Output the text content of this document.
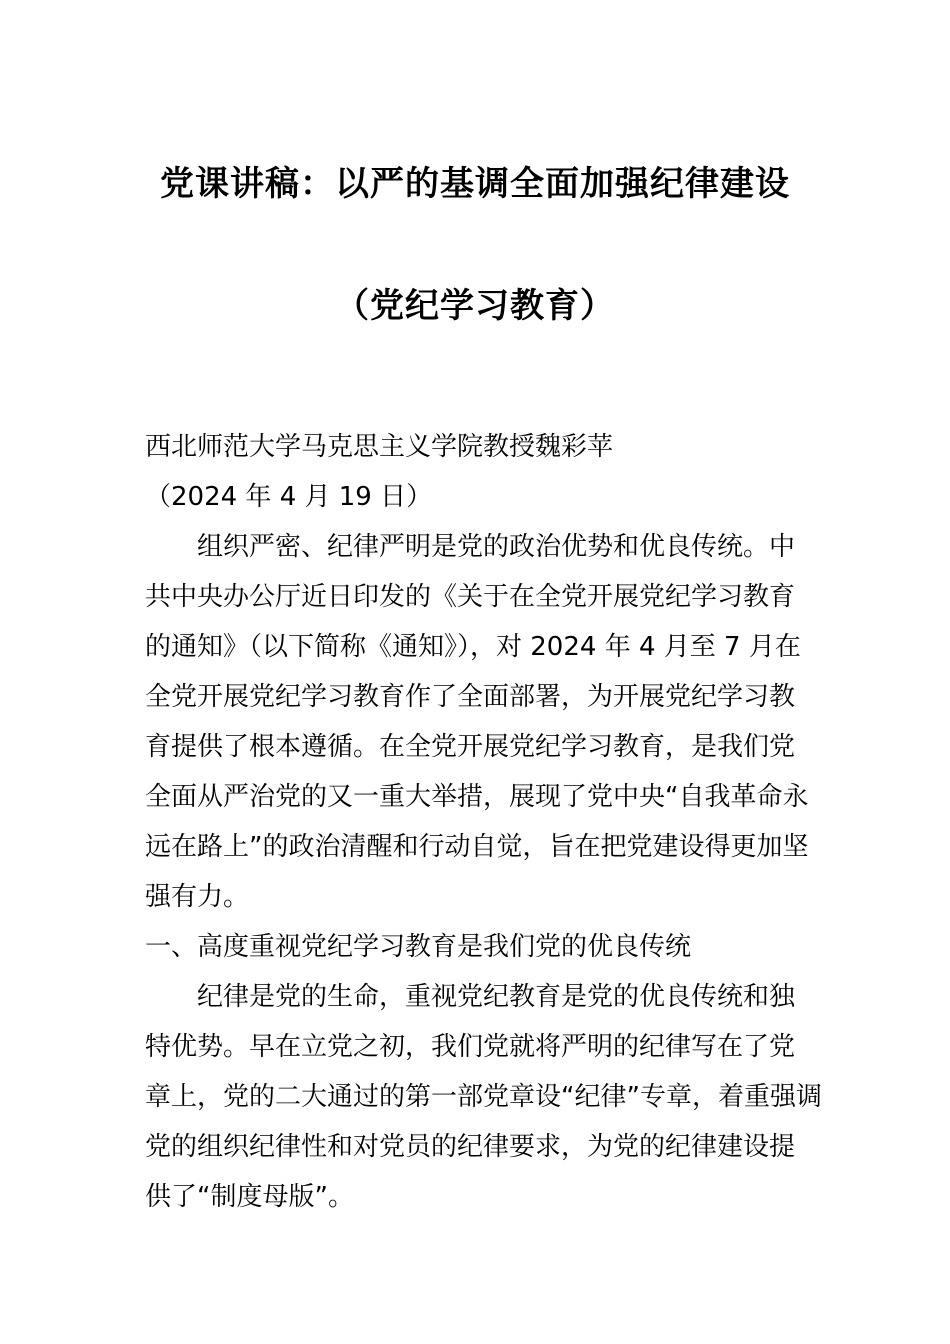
党课讲稿：以严的基调全面加强纪律建设
（党纪学习教育）
西北师范大学马克思主义学院教授魏彩苹
（2024 年 4 月 19 日）
组织严密、纪律严明是党的政治优势和优良传统。中
共中央办公厅近日印发的《关于在全党开展党纪学习教育
的通知》（以下简称《通知》），对 2024 年 4 月至 7 月在
全党开展党纪学习教育作了全面部署，为开展党纪学习教
育提供了根本遵循。在全党开展党纪学习教育，是我们党
全面从严治党的又一重大举措，展现了党中央“自我革命永
远在路上”的政治清醒和行动自觉，旨在把党建设得更加坚
强有力。
一、高度重视党纪学习教育是我们党的优良传统
纪律是党的生命，重视党纪教育是党的优良传统和独
特优势。早在立党之初，我们党就将严明的纪律写在了党
章上，党的二大通过的第一部党章设“纪律”专章，着重强调
党的组织纪律性和对党员的纪律要求，为党的纪律建设提
供了“制度母版”。
